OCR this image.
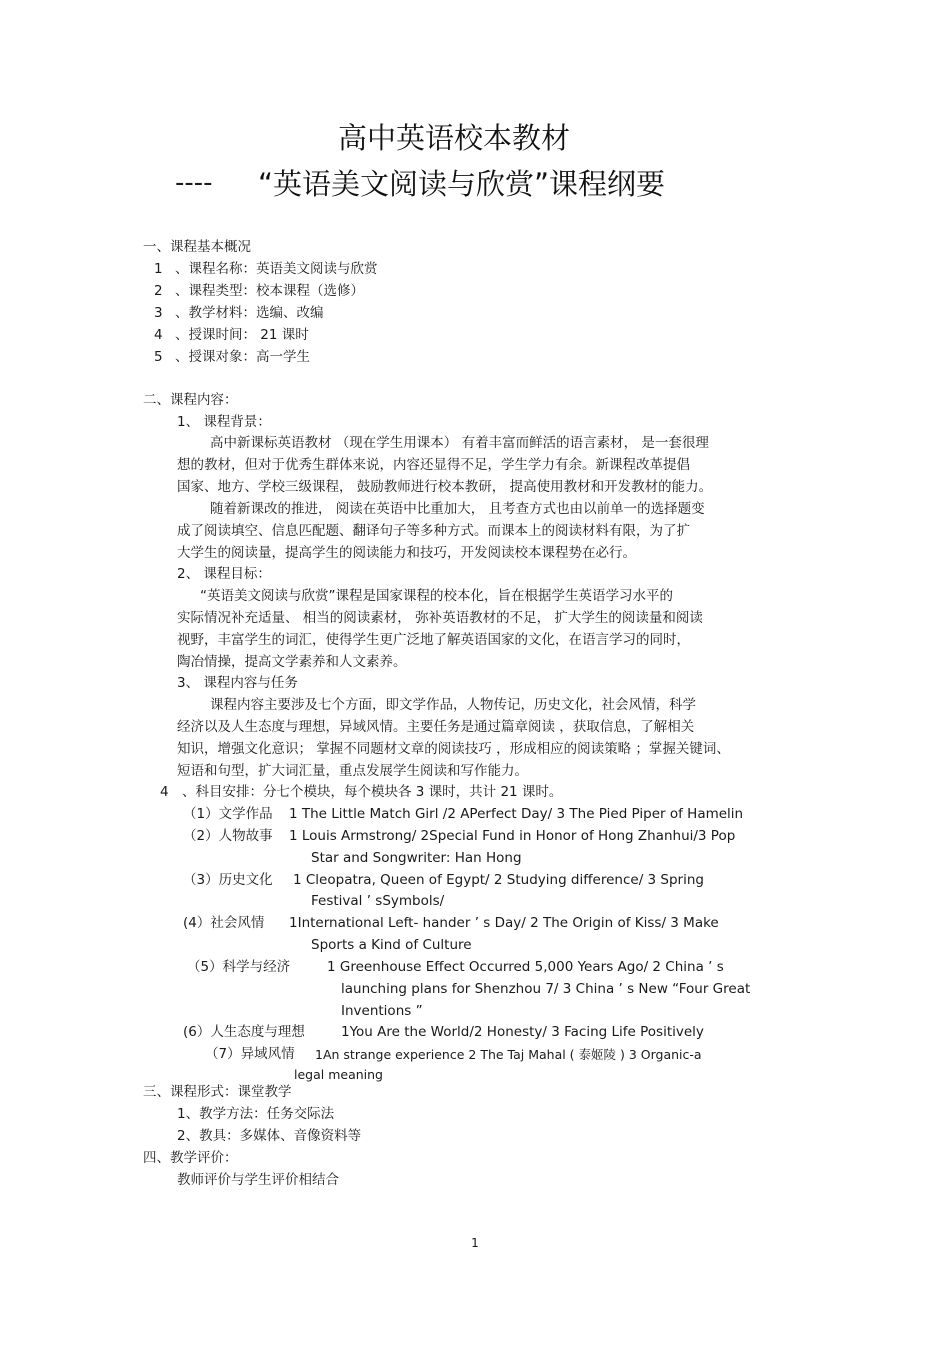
高中英语校本教材
---- “英语美文阅读与欣赏”课程纲要
一、课程基本概况
1 、课程名称：英语美文阅读与欣赏
2 、课程类型：校本课程（选修）
3 、教学材料：选编、改编
4 、授课时间： 21 课时
5 、授课对象：高一学生
二、课程内容：
1、 课程背景：
高中新课标英语教材 （现在学生用课本） 有着丰富而鲜活的语言素材， 是一套很理
想的教材，但对于优秀生群体来说，内容还显得不足，学生学力有余。新课程改革提倡
国家、地方、学校三级课程， 鼓励教师进行校本教研， 提高使用教材和开发教材的能力。
随着新课改的推进， 阅读在英语中比重加大， 且考查方式也由以前单一的选择题变
成了阅读填空、信息匹配题、翻译句子等多种方式。而课本上的阅读材料有限，为了扩
大学生的阅读量，提高学生的阅读能力和技巧，开发阅读校本课程势在必行。
2、 课程目标：
“英语美文阅读与欣赏”课程是国家课程的校本化，旨在根据学生英语学习水平的
实际情况补充适量、 相当的阅读素材， 弥补英语教材的不足， 扩大学生的阅读量和阅读
视野，丰富学生的词汇，使得学生更广泛地了解英语国家的文化，在语言学习的同时，
陶冶情操，提高文学素养和人文素养。
3、 课程内容与任务
课程内容主要涉及七个方面，即文学作品，人物传记，历史文化，社会风情，科学
经济以及人生态度与理想，异域风情。主要任务是通过篇章阅读 ，获取信息，了解相关
知识，增强文化意识； 掌握不同题材文章的阅读技巧 ，形成相应的阅读策略 ；掌握关键词、
短语和句型，扩大词汇量，重点发展学生阅读和写作能力。
4 、科目安排：分七个模块，每个模块各 3 课时，共计 21 课时。
（1）文学作品 1 The Little Match Girl /2 APerfect Day/ 3 The Pied Piper of Hamelin
（2）人物故事 1 Louis Armstrong/ 2Special Fund in Honor of Hong Zhanhui/3 Pop
Star and Songwriter: Han Hong
（3）历史文化 1 Cleopatra, Queen of Egypt/ 2 Studying difference/ 3 Spring
Festival ’ sSymbols/
(4）社会风情 1International Left- hander ’ s Day/ 2 The Origin of Kiss/ 3 Make
Sports a Kind of Culture
（5）科学与经济	1 Greenhouse Effect Occurred 5,000 Years Ago/ 2 China ’ s
launching plans for Shenzhou 7/ 3 China ’ s New “Four Great
Inventions ”
(6）人生态度与理想	1You Are the World/2 Honesty/ 3 Facing Life Positively
（7）异域风情 1An strange experience 2 The Taj Mahal ( 泰姬陵 ) 3 Organic-a
legal meaning
三、课程形式：课堂教学
1、教学方法：任务交际法
2、教具：多媒体、音像资料等
四、教学评价：
教师评价与学生评价相结合
1
